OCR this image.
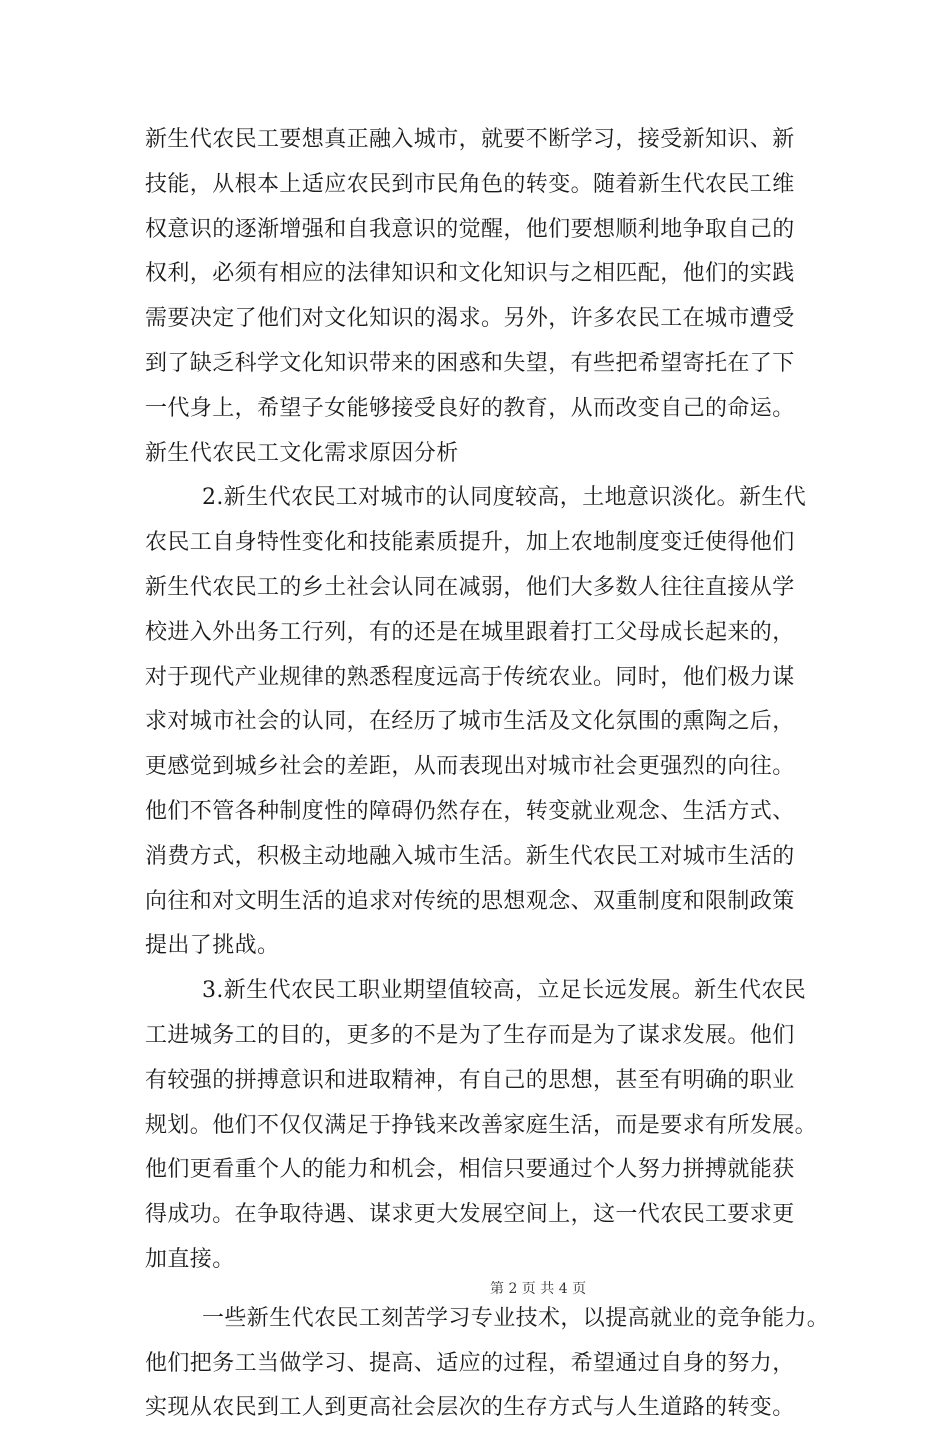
新生代农民工要想真正融入城市，就要不断学习，接受新知识、新
技能，从根本上适应农民到市民角色的转变。随着新生代农民工维
权意识的逐渐增强和自我意识的觉醒，他们要想顺利地争取自己的
权利，必须有相应的法律知识和文化知识与之相匹配，他们的实践
需要决定了他们对文化知识的渴求。另外，许多农民工在城市遭受
到了缺乏科学文化知识带来的困惑和失望，有些把希望寄托在了下
一代身上，希望子女能够接受良好的教育，从而改变自己的命运。
新生代农民工文化需求原因分析
2.新生代农民工对城市的认同度较高，土地意识淡化。新生代
农民工自身特性变化和技能素质提升，加上农地制度变迁使得他们
新生代农民工的乡土社会认同在减弱，他们大多数人往往直接从学
校进入外出务工行列，有的还是在城里跟着打工父母成长起来的，
对于现代产业规律的熟悉程度远高于传统农业。同时，他们极力谋
求对城市社会的认同，在经历了城市生活及文化氛围的熏陶之后，
更感觉到城乡社会的差距，从而表现出对城市社会更强烈的向往。
他们不管各种制度性的障碍仍然存在，转变就业观念、生活方式、
消费方式，积极主动地融入城市生活。新生代农民工对城市生活的
向往和对文明生活的追求对传统的思想观念、双重制度和限制政策
提出了挑战。
3.新生代农民工职业期望值较高，立足长远发展。新生代农民
工进城务工的目的，更多的不是为了生存而是为了谋求发展。他们
有较强的拼搏意识和进取精神，有自己的思想，甚至有明确的职业
规划。他们不仅仅满足于挣钱来改善家庭生活，而是要求有所发展。
他们更看重个人的能力和机会，相信只要通过个人努力拼搏就能获
得成功。在争取待遇、谋求更大发展空间上，这一代农民工要求更
加直接。
一些新生代农民工刻苦学习专业技术，以提高就业的竞争能力。
他们把务工当做学习、提高、适应的过程，希望通过自身的努力，
实现从农民到工人到更高社会层次的生存方式与人生道路的转变。
第 2 页 共 4 页
